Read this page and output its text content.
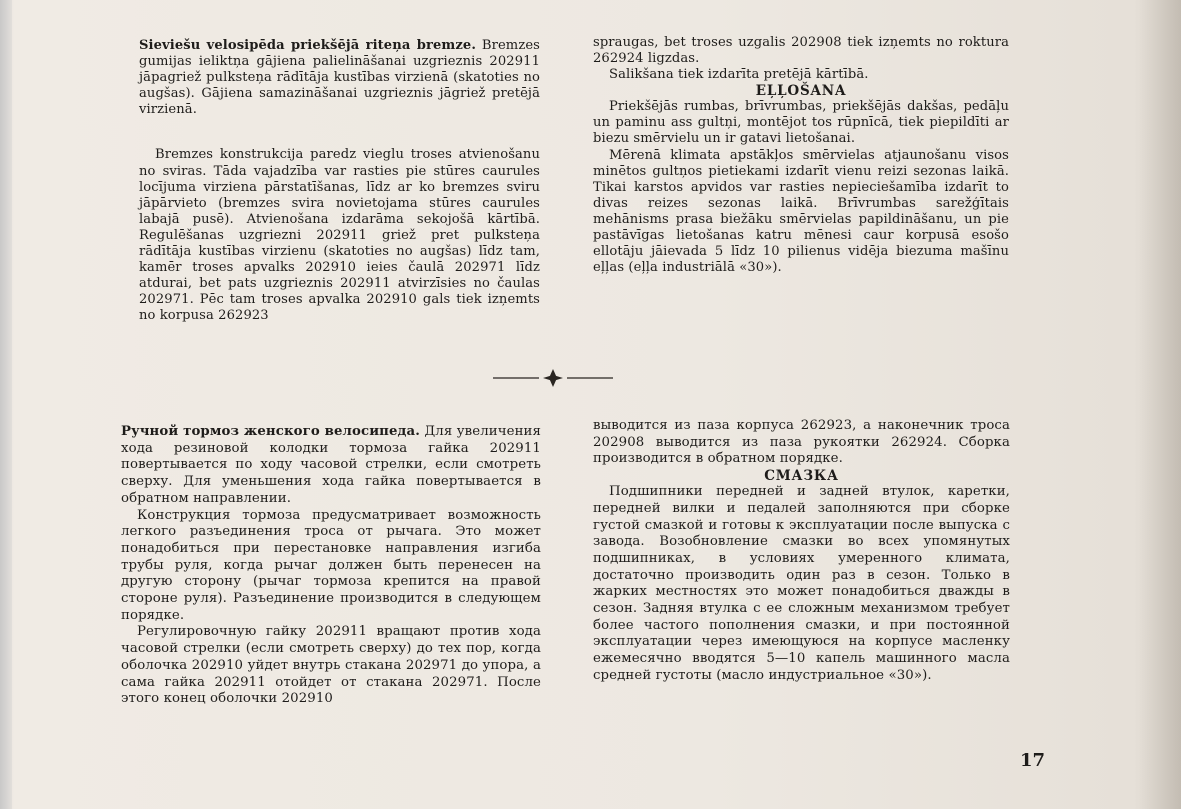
Sieviešu velosipēda priekšējā riteņa bremze. Bremzes gumijas ieliktņa gājiena palielināšanai uzgrieznis 202911 jāpagriež pulksteņa rādītāja kustības virzienā (skatoties no augšas). Gājiena samazināšanai uzgrieznis jāgriež pretējā virzienā.

Bremzes konstrukcija paredz vieglu troses atvienošanu no sviras. Tāda vajadzība var rasties pie stūres caurules locījuma virziena pārstatīšanas, līdz ar ko bremzes sviru jāpārvieto (bremzes svira novietojama stūres caurules labajā pusē). Atvienošana izdarāma sekojošā kārtībā. Regulēšanas uzgriezni 202911 griež pret pulksteņa rādītāja kustības virzienu (skatoties no augšas) līdz tam, kamēr troses apvalks 202910 ieies čaulā 202971 līdz atdurai, bet pats uzgrieznis 202911 atvirzīsies no čaulas 202971. Pēc tam troses apvalka 202910 gals tiek izņemts no korpusa 262923

spraugas, bet troses uzgalis 202908 tiek izņemts no roktura 262924 ligzdas.

Salikšana tiek izdarīta pretējā kārtībā.

EĻĻOŠANA

Priekšējās rumbas, brīvrumbas, priekšējās dakšas, pedāļu un paminu ass gultņi, montējot tos rūpnīcā, tiek piepildīti ar biezu smērvielu un ir gatavi lietošanai.

Mērenā klimata apstākļos smērvielas atjaunošanu visos minētos gultņos pietiekami izdarīt vienu reizi sezonas laikā. Tikai karstos apvidos var rasties nepieciešamība izdarīt to divas reizes sezonas laikā. Brīvrumbas sarežģītais mehānisms prasa biežāku smērvielas papildināšanu, un pie pastāvīgas lietošanas katru mēnesi caur korpusā esošo ellotāju jāievada 5 līdz 10 pilienus vidēja biezuma mašīnu eļļas (eļļa industriālā «30»).

Ручной тормоз женского велосипеда. Для увеличения хода резиновой колодки тормоза гайка 202911 повертывается по ходу часовой стрелки, если смотреть сверху. Для уменьшения хода гайка повертывается в обратном направлении.

Конструкция тормоза предусматривает возможность легкого разъединения троса от рычага. Это может понадобиться при перестановке направления изгиба трубы руля, когда рычаг должен быть перенесен на другую сторону (рычаг тормоза крепится на правой стороне руля). Разъединение производится в следующем порядке.

Регулировочную гайку 202911 вращают против хода часовой стрелки (если смотреть сверху) до тех пор, когда оболочка 202910 уйдет внутрь стакана 202971 до упора, а сама гайка 202911 отойдет от стакана 202971. После этого конец оболочки 202910

выводится из паза корпуса 262923, а наконечник троса 202908 выводится из паза рукоятки 262924. Сборка производится в обратном порядке.

СМАЗКА

Подшипники передней и задней втулок, каретки, передней вилки и педалей заполняются при сборке густой смазкой и готовы к эксплуатации после выпуска с завода. Возобновление смазки во всех упомянутых подшипниках, в условиях умеренного климата, достаточно производить один раз в сезон. Только в жарких местностях это может понадобиться дважды в сезон. Задняя втулка с ее сложным механизмом требует более частого пополнения смазки, и при постоянной эксплуатации через имеющуюся на корпусе масленку ежемесячно вводятся 5—10 капель машинного масла средней густоты (масло индустриальное «30»).

17
